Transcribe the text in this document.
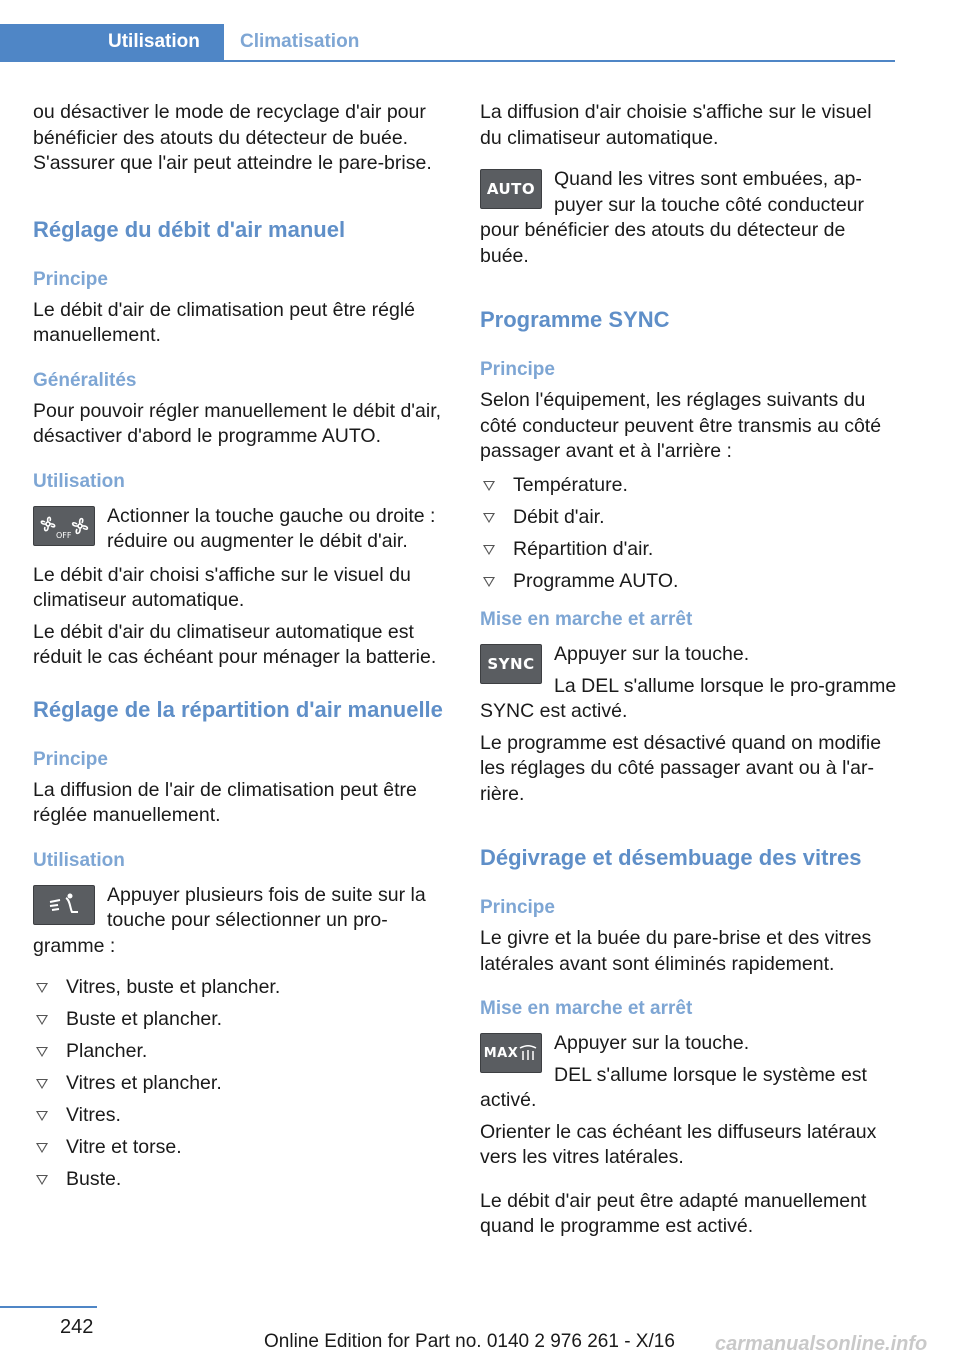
Utilisation Climatisation

ou désactiver le mode de recyclage d'air pour bénéficier des atouts du détecteur de buée. S'assurer que l'air peut atteindre le pare-brise.

Réglage du débit d'air manuel
Principe

Le débit d'air de climatisation peut être réglé manuellement.

Généralités

Pour pouvoir régler manuellement le débit d'air, désactiver d'abord le programme AUTO.

Utilisation
OFF

Actionner la touche gauche ou droite : réduire ou augmenter le débit d'air.

Le débit d'air choisi s'affiche sur le visuel du climatiseur automatique.

Le débit d'air du climatiseur automatique est réduit le cas échéant pour ménager la batterie.

Réglage de la répartition d'air manuelle
Principe

La diffusion de l'air de climatisation peut être réglée manuellement.

Utilisation

Appuyer plusieurs fois de suite sur la touche pour sélectionner un pro-gramme :

Vitres, buste et plancher.
Buste et plancher.
Plancher.
Vitres et plancher.
Vitres.
Vitre et torse.
Buste.

La diffusion d'air choisie s'affiche sur le visuel du climatiseur automatique.

AUTO Quand les vitres sont embuées, ap-puyer sur la touche côté conducteur pour bénéficier des atouts du détecteur de buée.

Programme SYNC
Principe

Selon l'équipement, les réglages suivants du côté conducteur peuvent être transmis au côté passager avant et à l'arrière :

Température.
Débit d'air.
Répartition d'air.
Programme AUTO.
Mise en marche et arrêt
SYNC Appuyer sur la touche.

La DEL s'allume lorsque le pro-gramme SYNC est activé.

Le programme est désactivé quand on modifie les réglages du côté passager avant ou à l'ar-rière.

Dégivrage et désembuage des vitres
Principe

Le givre et la buée du pare-brise et des vitres latérales avant sont éliminés rapidement.

Mise en marche et arrêt
MAX	Appuyer sur la touche.

DEL s'allume lorsque le système est activé.

Orienter le cas échéant les diffuseurs latéraux vers les vitres latérales.

Le débit d'air peut être adapté manuellement quand le programme est activé.

242
Online Edition for Part no. 0140 2 976 261 - X/16 carmanualsonline.info
